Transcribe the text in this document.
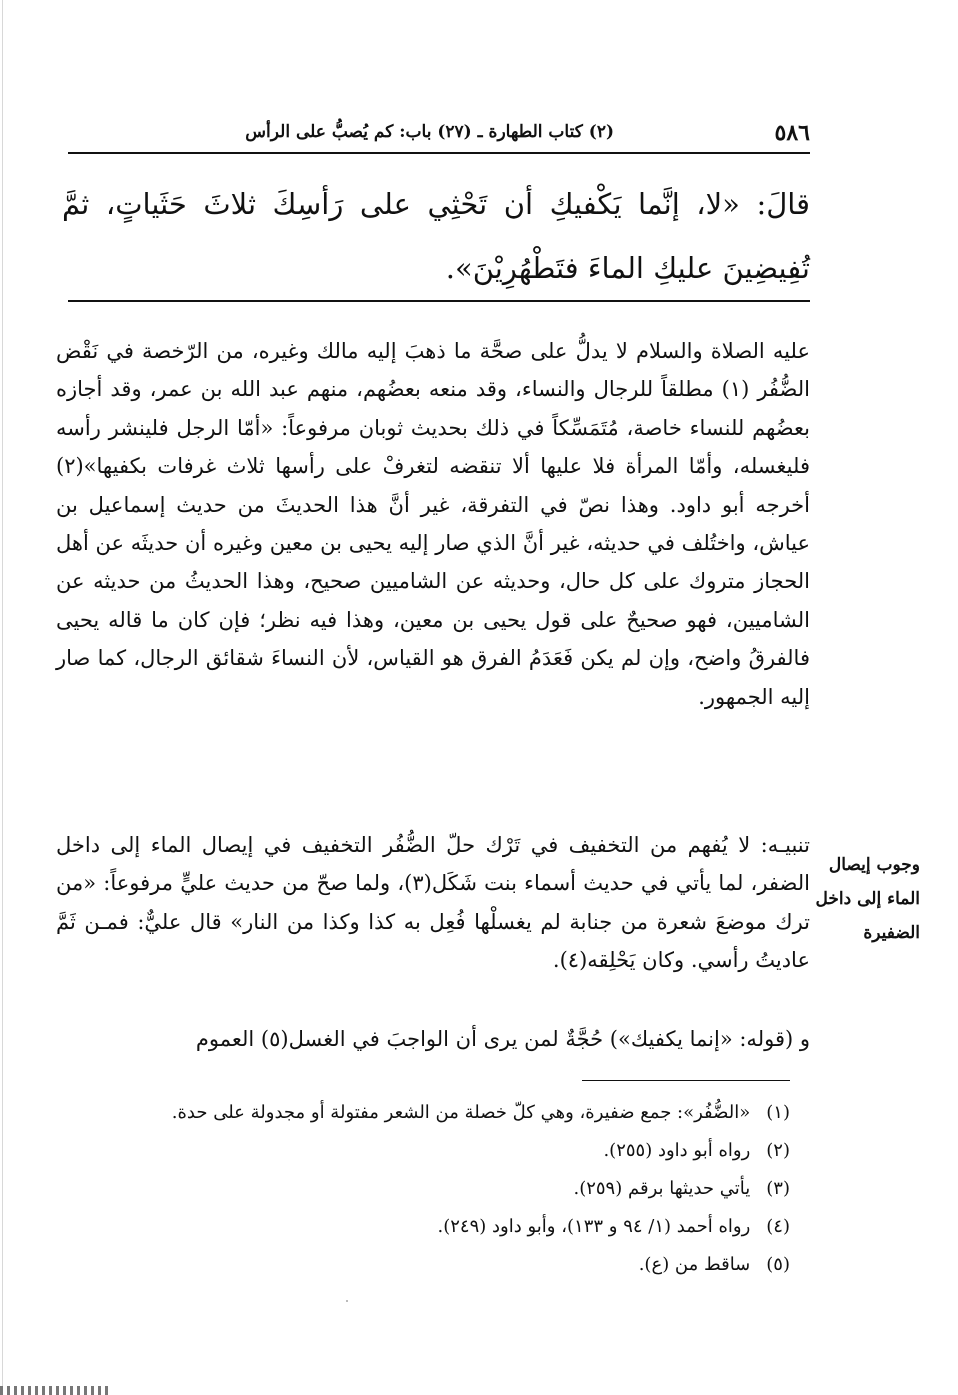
٥٨٦
(٢) كتاب الطهارة ـ (٢٧) باب: كم يُصبُّ على الرأس
قالَ: «لا، إنَّما يَكْفيكِ أن تَحْثِي على رَأسِكَ ثلاثَ حَثَياتٍ، ثمَّ تُفِيضِينَ عليكِ الماءَ فتَطْهُرِيْنَ».

عليه الصلاة والسلام لا يدلُّ على صحَّة ما ذهبَ إليه مالك وغيره، من الرّخصة في نَقْض الضُّفُر (١) مطلقاً للرجال والنساء، وقد منعه بعضُهم، منهم عبد الله بن عمر، وقد أجازه بعضُهم للنساء خاصة، مُتَمَسِّكاً في ذلك بحديث ثوبان مرفوعاً: «أمّا الرجل فلينشر رأسه فليغسله، وأمّا المرأة فلا عليها ألا تنقضه لتغرفْ على رأسها ثلاث غرفات بكفيها»(٢) أخرجه أبو داود. وهذا نصّ في التفرقة، غير أنَّ هذا الحديثَ من حديث إسماعيل بن عياش، واختُلف في حديثه، غير أنَّ الذي صار إليه يحيى بن معين وغيره أن حديثَه عن أهل الحجاز متروك على كل حال، وحديثه عن الشاميين صحيح، وهذا الحديثُ من حديثه عن الشاميين، فهو صحيحٌ على قول يحيى بن معين، وهذا فيه نظر؛ فإن كان ما قاله يحيى فالفرقُ واضح، وإن لم يكن فَعَدَمُ الفرق هو القياس، لأن النساءَ شقائق الرجال، كما صار إليه الجمهور.

تنبيـه: لا يُفهم من التخفيف في تَرْك حلّ الضُّفُر التخفيف في إيصال الماء إلى داخل الضفر، لما يأتي في حديث أسماء بنت شَكَل(٣)، ولما صحّ من حديث عليٍّ مرفوعاً: «من ترك موضعَ شعرة من جنابة لم يغسلْها فُعِل به كذا وكذا من النار» قال عليٌّ: فمـن ثَمَّ عاديتُ رأسي. وكان يَحْلِقه(٤).

و (قوله: «إنما يكفيك») حُجَّةٌ لمن يرى أن الواجبَ في الغسل(٥) العموم

وجوب إيصال الماء إلى داخل الضفيرة
(١) «الضُّفُر»: جمع ضفيرة، وهي كلّ خصلة من الشعر مفتولة أو مجدولة على حدة.
(٢) رواه أبو داود (٢٥٥).
(٣) يأتي حديثها برقم (٢٥٩).
(٤) رواه أحمد (١/ ٩٤ و ١٣٣)، وأبو داود (٢٤٩).
(٥) ساقط من (ع).
